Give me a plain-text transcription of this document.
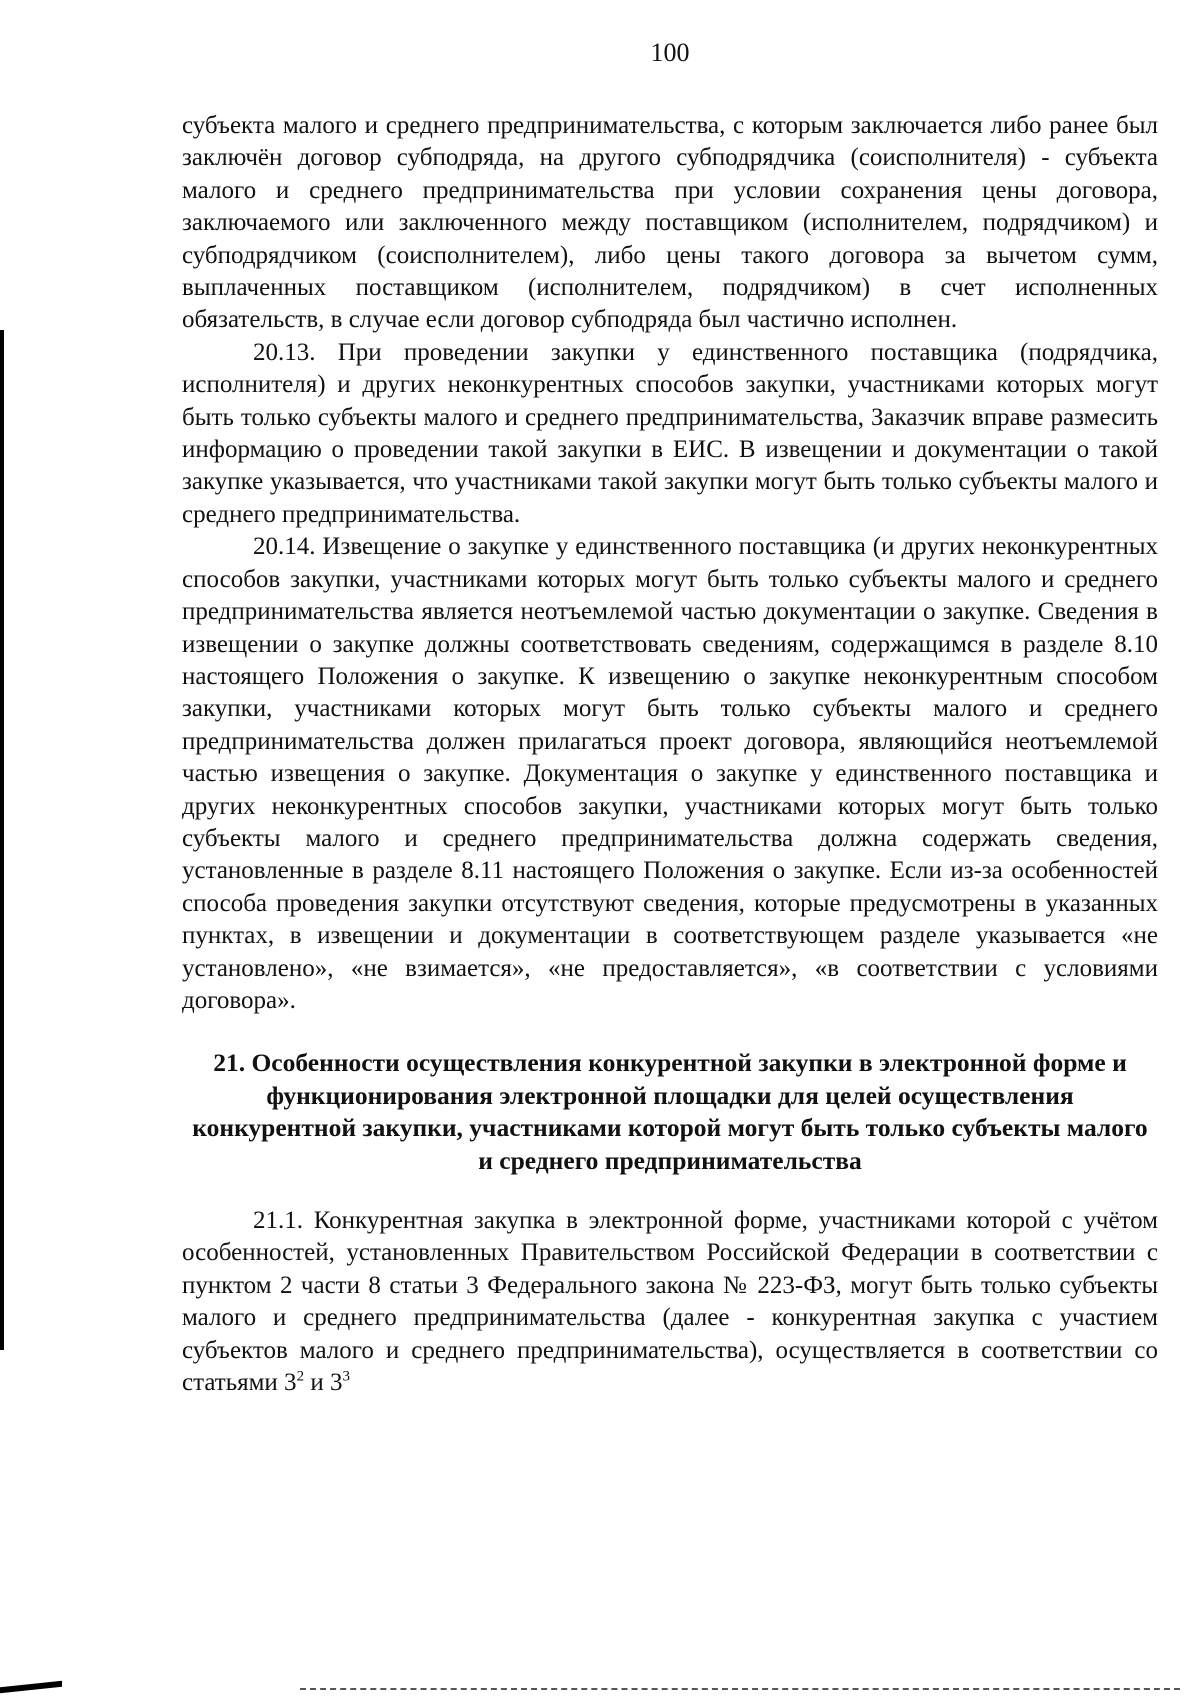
100

субъекта малого и среднего предпринимательства, с которым заключается либо ранее был заключён договор субподряда, на другого субподрядчика (соисполнителя) - субъекта малого и среднего предпринимательства при условии сохранения цены договора, заключаемого или заключенного между поставщиком (исполнителем, подрядчиком) и субподрядчиком (соисполнителем), либо цены такого договора за вычетом сумм, выплаченных поставщиком (исполнителем, подрядчиком) в счет исполненных обязательств, в случае если договор субподряда был частично исполнен.

20.13. При проведении закупки у единственного поставщика (подрядчика, исполнителя) и других неконкурентных способов закупки, участниками которых могут быть только субъекты малого и среднего предпринимательства, Заказчик вправе размесить информацию о проведении такой закупки в ЕИС. В извещении и документации о такой закупке указывается, что участниками такой закупки могут быть только субъекты малого и среднего предпринимательства.

20.14. Извещение о закупке у единственного поставщика (и других неконкурентных способов закупки, участниками которых могут быть только субъекты малого и среднего предпринимательства является неотъемлемой частью документации о закупке. Сведения в извещении о закупке должны соответствовать сведениям, содержащимся в разделе 8.10 настоящего Положения о закупке. К извещению о закупке неконкурентным способом закупки, участниками которых могут быть только субъекты малого и среднего предпринимательства должен прилагаться проект договора, являющийся неотъемлемой частью извещения о закупке. Документация о закупке у единственного поставщика и других неконкурентных способов закупки, участниками которых могут быть только субъекты малого и среднего предпринимательства должна содержать сведения, установленные в разделе 8.11 настоящего Положения о закупке. Если из-за особенностей способа проведения закупки отсутствуют сведения, которые предусмотрены в указанных пунктах, в извещении и документации в соответствующем разделе указывается «не установлено», «не взимается», «не предоставляется», «в соответствии с условиями договора».

21. Особенности осуществления конкурентной закупки в электронной форме и функционирования электронной площадки для целей осуществления конкурентной закупки, участниками которой могут быть только субъекты малого и среднего предпринимательства

21.1. Конкурентная закупка в электронной форме, участниками которой с учётом особенностей, установленных Правительством Российской Федерации в соответствии с пунктом 2 части 8 статьи 3 Федерального закона № 223-ФЗ, могут быть только субъекты малого и среднего предпринимательства (далее - конкурентная закупка с участием субъектов малого и среднего предпринимательства), осуществляется в соответствии со статьями $3^2$ и $3^3$
